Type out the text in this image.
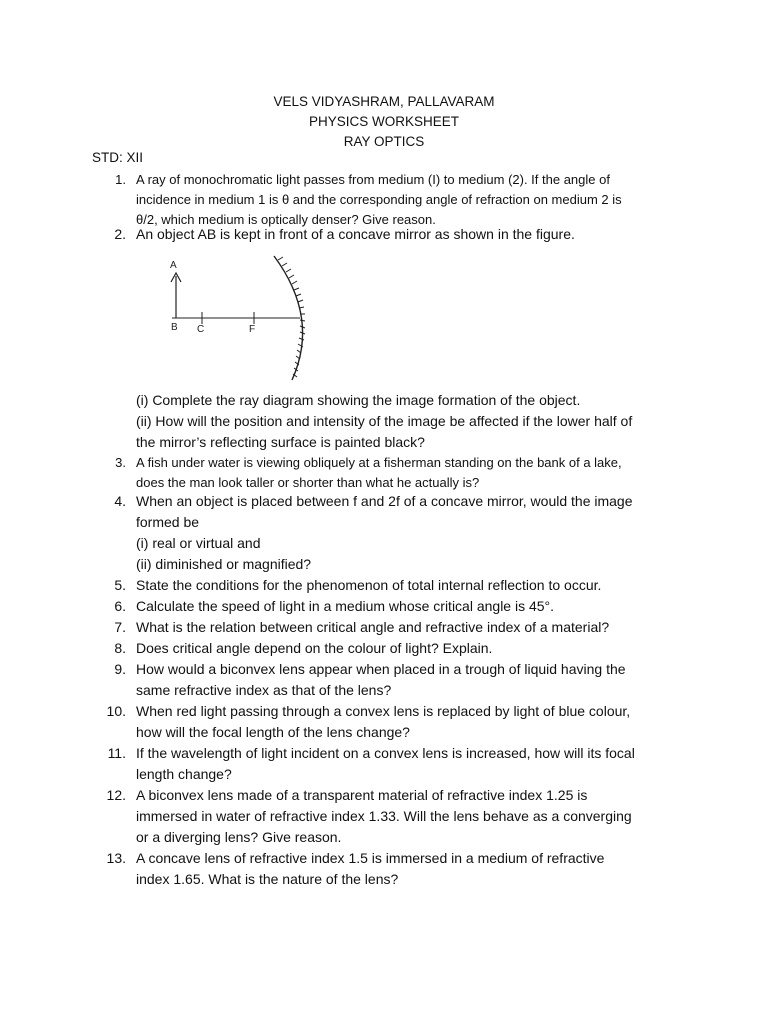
VELS VIDYASHRAM, PALLAVARAM
PHYSICS WORKSHEET
RAY OPTICS
STD: XII
1. A ray of monochromatic light passes from medium (I) to medium (2). If the angle of
incidence in medium 1 is θ and the corresponding angle of refraction on medium 2 is
θ/2, which medium is optically denser? Give reason.
2. An object AB is kept in front of a concave mirror as shown in the figure.
A
B C	F
(i) Complete the ray diagram showing the image formation of the object.
(ii) How will the position and intensity of the image be affected if the lower half of
the mirror’s reflecting surface is painted black?
3. A fish under water is viewing obliquely at a fisherman standing on the bank of a lake,
does the man look taller or shorter than what he actually is?
4. When an object is placed between f and 2f of a concave mirror, would the image
formed be
(i) real or virtual and
(ii) diminished or magnified?
5. State the conditions for the phenomenon of total internal reflection to occur.
6. Calculate the speed of light in a medium whose critical angle is 45°.
7. What is the relation between critical angle and refractive index of a material?
8. Does critical angle depend on the colour of light? Explain.
9. How would a biconvex lens appear when placed in a trough of liquid having the
same refractive index as that of the lens?
10. When red light passing through a convex lens is replaced by light of blue colour,
how will the focal length of the lens change?
11. If the wavelength of light incident on a convex lens is increased, how will its focal
length change?
12. A biconvex lens made of a transparent material of refractive index 1.25 is
immersed in water of refractive index 1.33. Will the lens behave as a converging
or a diverging lens? Give reason.
13. A concave lens of refractive index 1.5 is immersed in a medium of refractive
index 1.65. What is the nature of the lens?
